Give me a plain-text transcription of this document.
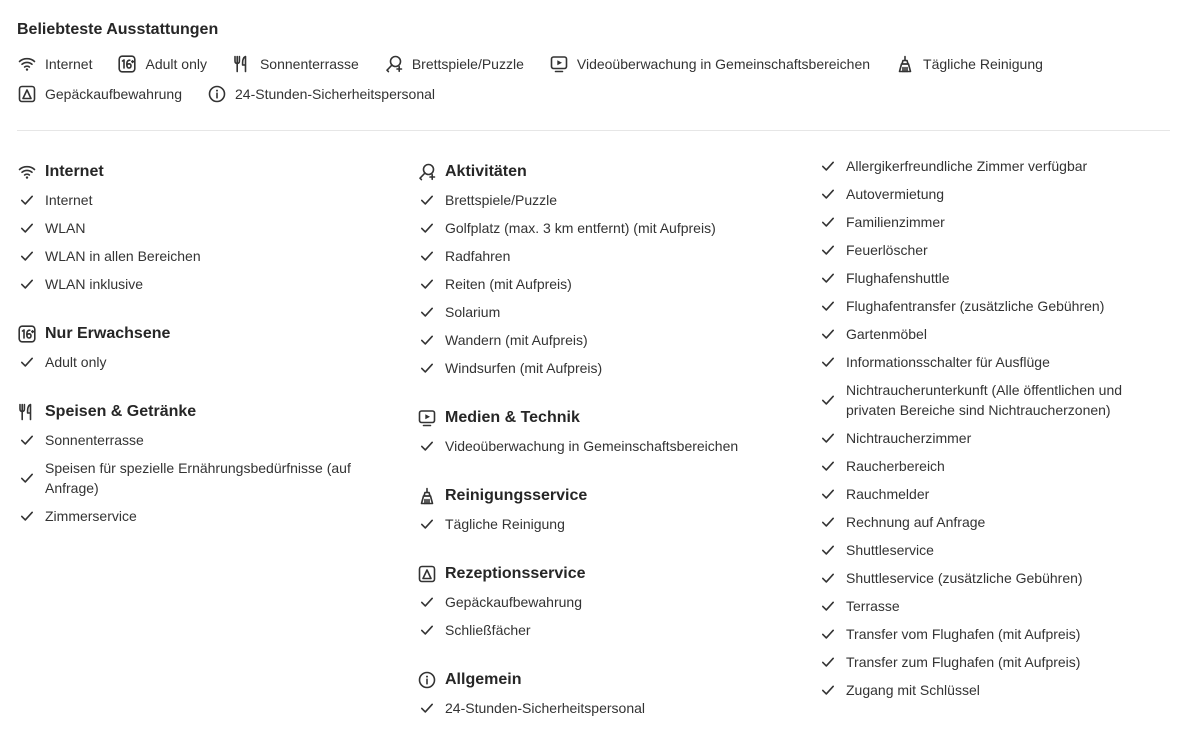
Beliebteste Ausstattungen
Internet	Adult only	Sonnenterrasse	Brettspiele/Puzzle	Videoüberwachung in Gemeinschaftsbereichen	Tägliche Reinigung
Gepäckaufbewahrung	24-Stunden-Sicherheitspersonal
Internet
Internet
WLAN
WLAN in allen Bereichen
WLAN inklusive
Nur Erwachsene
Adult only
Speisen & Getränke
Sonnenterrasse
Speisen für spezielle Ernährungsbedürfnisse (auf Anfrage)
Zimmerservice
Aktivitäten
Brettspiele/Puzzle
Golfplatz (max. 3 km entfernt) (mit Aufpreis)
Radfahren
Reiten (mit Aufpreis)
Solarium
Wandern (mit Aufpreis)
Windsurfen (mit Aufpreis)
Medien & Technik
Videoüberwachung in Gemeinschaftsbereichen
Reinigungsservice
Tägliche Reinigung
Rezeptionsservice
Gepäckaufbewahrung
Schließfächer
Allgemein
24-Stunden-Sicherheitspersonal
Allergikerfreundliche Zimmer verfügbar
Autovermietung
Familienzimmer
Feuerlöscher
Flughafenshuttle
Flughafentransfer (zusätzliche Gebühren)
Gartenmöbel
Informationsschalter für Ausflüge
Nichtraucherunterkunft (Alle öffentlichen und privaten Bereiche sind Nichtraucherzonen)
Nichtraucherzimmer
Raucherbereich
Rauchmelder
Rechnung auf Anfrage
Shuttleservice
Shuttleservice (zusätzliche Gebühren)
Terrasse
Transfer vom Flughafen (mit Aufpreis)
Transfer zum Flughafen (mit Aufpreis)
Zugang mit Schlüssel
